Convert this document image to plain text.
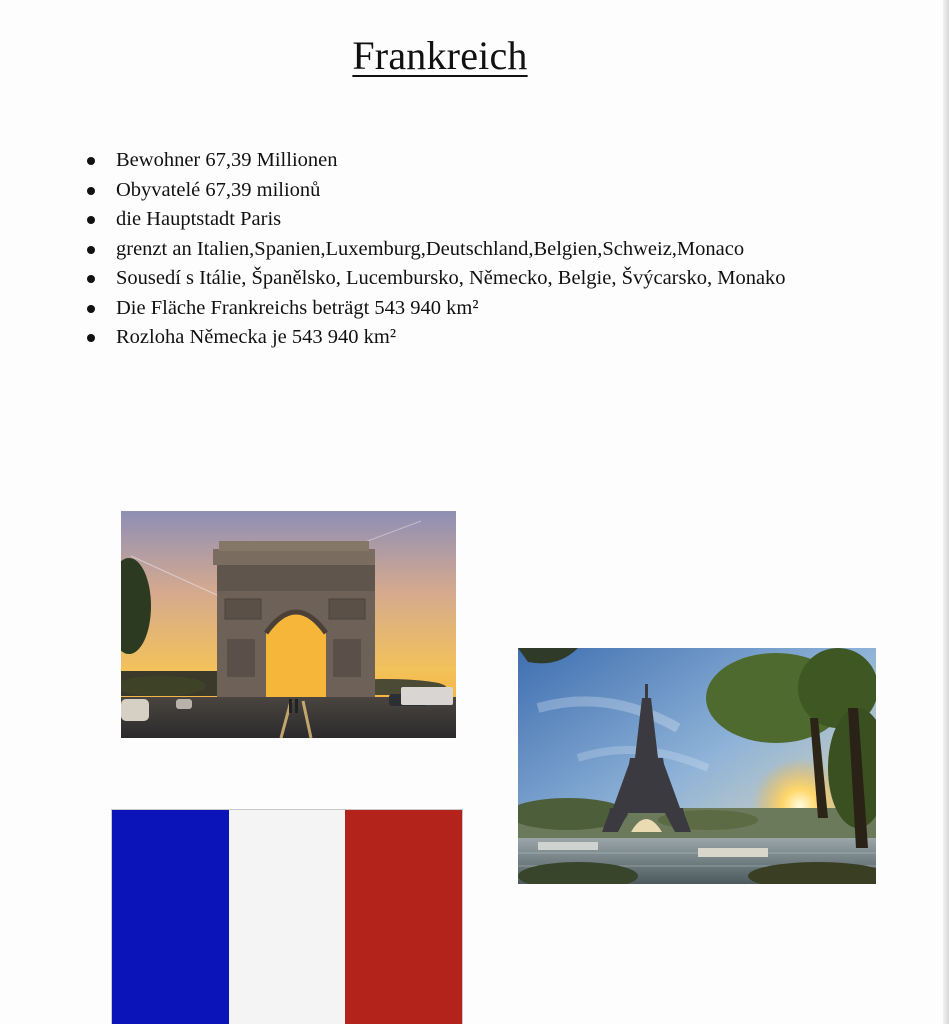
Frankreich
Bewohner 67,39 Millionen
Obyvatelé 67,39 milionů
die Hauptstadt Paris
grenzt an Italien,Spanien,Luxemburg,Deutschland,Belgien,Schweiz,Monaco
Sousedí s Itálie, Španělsko, Lucembursko, Německo, Belgie, Švýcarsko, Monako
Die Fläche Frankreichs beträgt 543 940 km²
Rozloha Německa je 543 940 km²
